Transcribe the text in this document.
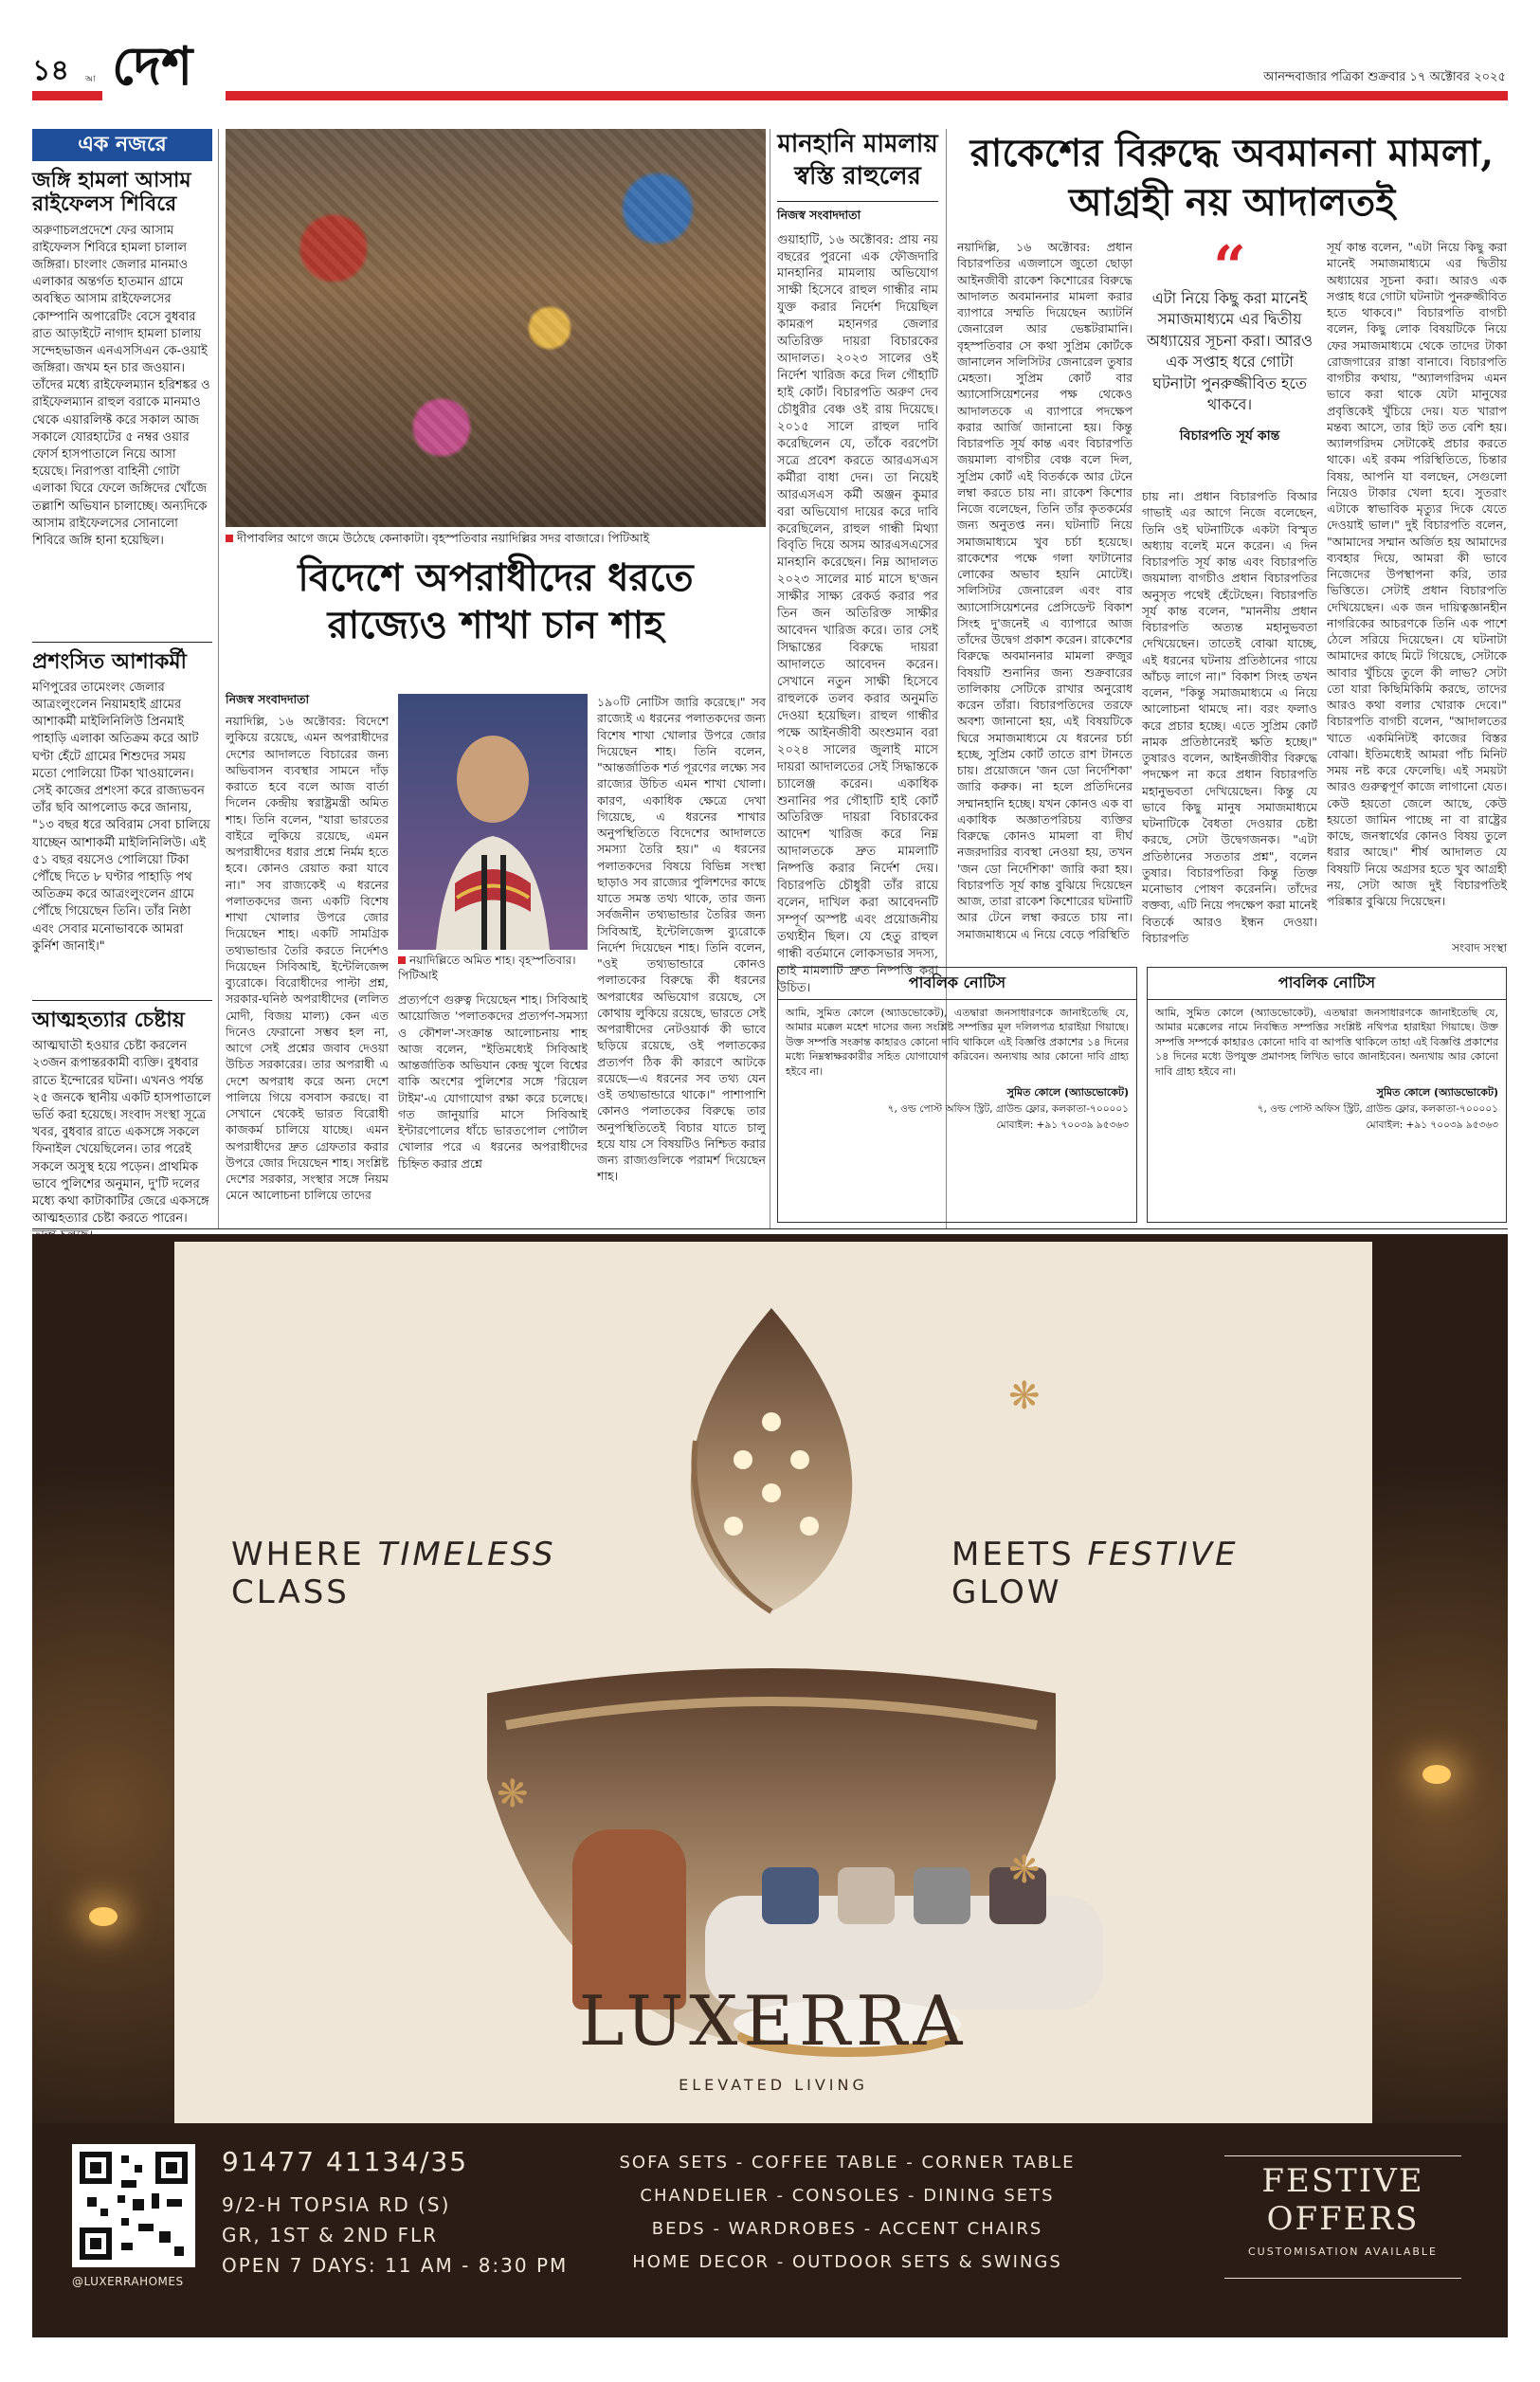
১৪ আ দেশ	আনন্দবাজার পত্রিকা শুক্রবার ১৭ অক্টোবর ২০২৫
এক নজরে
জঙ্গি হামলা আসাম রাইফেলস শিবিরে
অরুণাচলপ্রদেশে ফের আসাম রাইফেলস শিবিরে হামলা চালাল জঙ্গিরা। চাংলাং জেলার মানমাও এলাকার অন্তর্গত হাতমান গ্রামে অবস্থিত আসাম রাইফেলসের কোম্পানি অপারেটিং বেসে বুধবার রাত আড়াইটে নাগাদ হামলা চালায় সন্দেহভাজন এনএসসিএন কে-ওয়াই জঙ্গিরা। জখম হন চার জওয়ান। তাঁদের মধ্যে রাইফেলম্যান হরিশঙ্কর ও রাইফেলম্যান রাহুল বরাকে মানমাও থেকে এয়ারলিফ্ট করে সকাল আজ সকালে যোরহাটের ৫ নম্বর ওয়ার ফোর্স হাসপাতালে নিয়ে আসা হয়েছে। নিরাপত্তা বাহিনী গোটা এলাকা ঘিরে ফেলে জঙ্গিদের খোঁজে তল্লাশি অভিযান চালাচ্ছে। অন্যদিকে আসাম রাইফেলসের সোনালো শিবিরে জঙ্গি হানা হয়েছিল।
প্রশংসিত আশাকর্মী
মণিপুরের তামেংলং জেলার আত্ৰংলুংলেন নিয়ামহাই গ্রামের আশাকর্মী মাইলিনিলিউ প্রিনমাই পাহাড়ি এলাকা অতিক্রম করে আট ঘণ্টা হেঁটে গ্রামের শিশুদের সময় মতো পোলিয়ো টিকা খাওয়ালেন। সেই কাজের প্রশংসা করে রাজ্যভবন তাঁর ছবি আপলোড করে জানায়, "১৩ বছর ধরে অবিরাম সেবা চালিয়ে যাচ্ছেন আশাকর্মী মাইলিনিলিউ। এই ৫১ বছর বয়সেও পোলিয়ো টিকা পৌঁছে দিতে ৮ ঘণ্টার পাহাড়ি পথ অতিক্রম করে আত্ৰংলুংলেন গ্রামে পৌঁছে গিয়েছেন তিনি। তাঁর নিষ্ঠা এবং সেবার মনোভাবকে আমরা কুর্নিশ জানাই।"
আত্মহত্যার চেষ্টায়
আত্মঘাতী হওয়ার চেষ্টা করলেন ২৩জন রূপান্তরকামী ব্যক্তি। বুধবার রাতে ইন্দোরের ঘটনা। এখনও পর্যন্ত ২৫ জনকে স্থানীয় একটি হাসপাতালে ভর্তি করা হয়েছে। সংবাদ সংস্থা সূত্রে খবর, বুধবার রাতে একসঙ্গে সকলে ফিনাইল খেয়েছিলেন। তার পরেই সকলে অসুস্থ হয়ে পড়েন। প্রাথমিক ভাবে পুলিশের অনুমান, দু'টি দলের মধ্যে কথা কাটাকাটির জেরে একসঙ্গে আত্মহত্যার চেষ্টা করতে পারেন।
দীপাবলির আগে জমে উঠেছে কেনাকাটা। বৃহস্পতিবার নয়াদিল্লির সদর বাজারে। পিটিআই
মানহানি মামলায় স্বস্তি রাহুলের
নিজস্ব সংবাদদাতা
গুয়াহাটি, ১৬ অক্টোবর: প্রায় নয় বছরের পুরনো এক ফৌজদারি মানহানির মামলায় অভিযোগ সাক্ষী হিসেবে রাহুল গান্ধীর নাম যুক্ত করার নির্দেশ দিয়েছিল কামরূপ মহানগর জেলার অতিরিক্ত দায়রা বিচারকের আদালত। ২০২৩ সালের ওই নির্দেশ খারিজ করে দিল গৌহাটি হাই কোর্ট। বিচারপতি অরুণ দেব চৌধুরীর বেঞ্চ ওই রায় দিয়েছে। ২০১৫ সালে রাহুল দাবি করেছিলেন যে, তাঁকে বরপেটা সত্রে প্রবেশ করতে আরএসএস কর্মীরা বাধা দেন। তা নিয়েই আরএসএস কর্মী অঞ্জন কুমার বরা অভিযোগ দায়ের করে দাবি করেছিলেন, রাহুল গান্ধী মিথ্যা বিবৃতি দিয়ে অসম আরএসএসের মানহানি করেছেন। নিম্ন আদালত ২০২৩ সালের মার্চ মাসে ছ'জন সাক্ষীর সাক্ষ্য রেকর্ড করার পর তিন জন অতিরিক্ত সাক্ষীর আবেদন খারিজ করে। তার সেই সিদ্ধান্তের বিরুদ্ধে দায়রা আদালতে আবেদন করেন। সেখানে নতুন সাক্ষী হিসেবে রাহুলকে তলব করার অনুমতি দেওয়া হয়েছিল। রাহুল গান্ধীর পক্ষে আইনজীবী অংশুমান বরা ২০২৪ সালের জুলাই মাসে দায়রা আদালতের সেই সিদ্ধান্তকে চ্যালেঞ্জ করেন। একাধিক শুনানির পর গৌহাটি হাই কোর্ট অতিরিক্ত দায়রা বিচারকের আদেশ খারিজ করে নিম্ন আদালতকে দ্রুত মামলাটি নিষ্পত্তি করার নির্দেশ দেয়। বিচারপতি চৌধুরী তাঁর রায়ে বলেন, দাখিল করা আবেদনটি সম্পূর্ণ অস্পষ্ট এবং প্রয়োজনীয় তথ্যহীন ছিল। যে হেতু রাহুল গান্ধী বর্তমানে লোকসভার সদস্য, তাই মামলাটি দ্রুত নিষ্পত্তি করা উচিত।
রাকেশের বিরুদ্ধে অবমাননা মামলা, আগ্রহী নয় আদালতই
নয়াদিল্লি, ১৬ অক্টোবর: প্রধান বিচারপতির এজলাসে জুতো ছোড়া আইনজীবী রাকেশ কিশোরের বিরুদ্ধে আদালত অবমাননার মামলা করার ব্যাপারে সম্মতি দিয়েছেন অ্যাটর্নি জেনারেল আর ভেঙ্কটরামানি। বৃহস্পতিবার সে কথা সুপ্রিম কোর্টকে জানালেন সলিসিটর জেনারেল তুষার মেহতা। সুপ্রিম কোর্ট বার অ্যাসোসিয়েশনের পক্ষ থেকেও আদালতকে এ ব্যাপারে পদক্ষেপ করার আর্জি জানানো হয়। কিন্তু বিচারপতি সূর্য কান্ত এবং বিচারপতি জয়মাল্য বাগচীর বেঞ্চ বলে দিল, সুপ্রিম কোর্ট এই বিতর্ককে আর টেনে লম্বা করতে চায় না। রাকেশ কিশোর নিজে বলেছেন, তিনি তাঁর কৃতকর্মের জন্য অনুতপ্ত নন। ঘটনাটি নিয়ে সমাজমাধ্যমে খুব চর্চা হয়েছে। রাকেশের পক্ষে গলা ফাটানোর লোকের অভাব হয়নি মোটেই। সলিসিটর জেনারেল এবং বার অ্যাসোসিয়েশনের প্রেসিডেন্ট বিকাশ সিংহ দু'জনেই এ ব্যাপারে আজ তাঁদের উদ্বেগ প্রকাশ করেন। রাকেশের বিরুদ্ধে অবমাননার মামলা রুজুর বিষয়টি শুনানির জন্য শুক্রবারের তালিকায় সেটিকে রাখার অনুরোধ করেন তাঁরা। বিচারপতিদের তরফে অবশ্য জানানো হয়, এই বিষয়টিকে ঘিরে সমাজমাধ্যমে যে ধরনের চর্চা হচ্ছে, সুপ্রিম কোর্ট তাতে রাশ টানতে চায়। প্রয়োজনে 'জন ডো নির্দেশিকা' জারি করুক। না হলে প্রতিদিনের সম্মানহানি হচ্ছে। যখন কোনও এক বা একাধিক অজ্ঞাতপরিচয় ব্যক্তির বিরুদ্ধে কোনও মামলা বা দীর্ঘ নজরদারির ব্যবস্থা নেওয়া হয়, তখন 'জন ডো নির্দেশিকা' জারি করা হয়। বিচারপতি সূর্য কান্ত বুঝিয়ে দিয়েছেন আজ, তারা রাকেশ কিশোরের ঘটনাটি আর টেনে লম্বা করতে চায় না। সমাজমাধ্যমে এ নিয়ে বেড়ে পরিস্থিতি
“
এটা নিয়ে কিছু করা মানেই সমাজমাধ্যমে এর দ্বিতীয় অধ্যায়ের সূচনা করা। আরও এক সপ্তাহ ধরে গোটা ঘটনাটা পুনরুজ্জীবিত হতে থাকবে।
বিচারপতি সূর্য কান্ত
চায় না। প্রধান বিচারপতি বিআর গাভাই এর আগে নিজে বলেছেন, তিনি ওই ঘটনাটিকে একটা বিস্মৃত অধ্যায় বলেই মনে করেন। এ দিন বিচারপতি সূর্য কান্ত এবং বিচারপতি জয়মাল্য বাগচীও প্রধান বিচারপতির অনুসৃত পথেই হেঁটেছেন। বিচারপতি সূর্য কান্ত বলেন, "মাননীয় প্রধান বিচারপতি অত্যন্ত মহানুভবতা দেখিয়েছেন। তাতেই বোঝা যাচ্ছে, এই ধরনের ঘটনায় প্রতিষ্ঠানের গায়ে আঁচড় লাগে না।" বিকাশ সিংহ তখন বলেন, "কিন্তু সমাজমাধ্যমে এ নিয়ে আলোচনা থামছে না। বরং ফলাও করে প্রচার হচ্ছে। এতে সুপ্রিম কোর্ট নামক প্রতিষ্ঠানেরই ক্ষতি হচ্ছে।" তুষারও বলেন, আইনজীবীর বিরুদ্ধে পদক্ষেপ না করে প্রধান বিচারপতি মহানুভবতা দেখিয়েছেন। কিন্তু যে ভাবে কিছু মানুষ সমাজমাধ্যমে ঘটনাটিকে বৈধতা দেওয়ার চেষ্টা করছে, সেটা উদ্বেগজনক। "এটা প্রতিষ্ঠানের সততার প্রশ্ন", বলেন তুষার। বিচারপতিরা কিন্তু তিক্ত মনোভাব পোষণ করেননি। তাঁদের বক্তব্য, এটি নিয়ে পদক্ষেপ করা মানেই বিতর্কে আরও ইন্ধন দেওয়া। বিচারপতি
সূর্য কান্ত বলেন, "এটা নিয়ে কিছু করা মানেই সমাজমাধ্যমে এর দ্বিতীয় অধ্যায়ের সূচনা করা। আরও এক সপ্তাহ ধরে গোটা ঘটনাটা পুনরুজ্জীবিত হতে থাকবে।" বিচারপতি বাগচী বলেন, কিছু লোক বিষয়টিকে নিয়ে ফের সমাজমাধ্যমে থেকে তাদের টাকা রোজগারের রাস্তা বানাবে। বিচারপতি বাগচীর কথায়, "অ্যালগরিদম এমন ভাবে করা থাকে যেটা মানুষের প্রবৃত্তিকেই খুঁচিয়ে দেয়। যত খারাপ মন্তব্য আসে, তার হিট তত বেশি হয়। অ্যালগরিদম সেটাকেই প্রচার করতে থাকে। এই রকম পরিস্থিতিতে, চিন্তার বিষয়, আপনি যা বলছেন, সেগুলো নিয়েও টাকার খেলা হবে। সুতরাং এটাকে স্বাভাবিক মৃত্যুর দিকে যেতে দেওয়াই ভাল।" দুই বিচারপতি বলেন, "আমাদের সম্মান অর্জিত হয় আমাদের ব্যবহার দিয়ে, আমরা কী ভাবে নিজেদের উপস্থাপনা করি, তার ভিত্তিতে। সেটাই প্রধান বিচারপতি দেখিয়েছেন। এক জন দায়িত্বজ্ঞানহীন নাগরিকের আচরণকে তিনি এক পাশে ঠেলে সরিয়ে দিয়েছেন। যে ঘটনাটা আমাদের কাছে মিটে গিয়েছে, সেটাকে আবার খুঁচিয়ে তুলে কী লাভ? সেটা তো যারা কিছিমিকিমি করছে, তাদের আরও কথা বলার খোরাক দেবে।" বিচারপতি বাগচী বলেন, "আদালতের খাতে একমিনিটই কাজের বিস্তর বোঝা। ইতিমধ্যেই আমরা পাঁচ মিনিট সময় নষ্ট করে ফেলেছি। এই সময়টা আরও গুরুত্বপূর্ণ কাজে লাগানো যেত। কেউ হয়তো জেলে আছে, কেউ হয়তো জামিন পাচ্ছে না বা রাষ্ট্রের কাছে, জনস্বার্থের কোনও বিষয় তুলে ধরার আছে।" শীর্ষ আদালত যে বিষয়টি নিয়ে অগ্রসর হতে খুব আগ্রহী নয়, সেটা আজ দুই বিচারপতিই পরিষ্কার বুঝিয়ে দিয়েছেন।
সংবাদ সংস্থা
পাবলিক নোটিস
আমি, সুমিত কোলে (অ্যাডভোকেট), এতদ্বারা জনসাধারণকে জানাইতেছি যে, আমার মক্কেল মহেশ দাসের জন্য সংশ্লিষ্ট সম্পত্তির মূল দলিলপত্র হারাইয়া গিয়াছে। উক্ত সম্পত্তি সংক্রান্ত কাহারও কোনো দাবি থাকিলে এই বিজ্ঞপ্তি প্রকাশের ১৪ দিনের মধ্যে নিম্নস্বাক্ষরকারীর সহিত যোগাযোগ করিবেন। অন্যথায় আর কোনো দাবি গ্রাহ্য হইবে না।
সুমিত কোলে (অ্যাডভোকেট)
৭, ওল্ড পোস্ট অফিস স্ট্রিট, গ্রাউন্ড ফ্লোর, কলকাতা-৭০০০০১
মোবাইল: +৯১ ৭০০৩৯ ৯৫৩৬৩
পাবলিক নোটিস
আমি, সুমিত কোলে (অ্যাডভোকেট), এতদ্বারা জনসাধারণকে জানাইতেছি যে, আমার মক্কেলের নামে নিবন্ধিত সম্পত্তির সংশ্লিষ্ট নথিপত্র হারাইয়া গিয়াছে। উক্ত সম্পত্তি সম্পর্কে কাহারও কোনো দাবি বা আপত্তি থাকিলে তাহা এই বিজ্ঞপ্তি প্রকাশের ১৪ দিনের মধ্যে উপযুক্ত প্রমাণসহ লিখিত ভাবে জানাইবেন। অন্যথায় আর কোনো দাবি গ্রাহ্য হইবে না।
সুমিত কোলে (অ্যাডভোকেট)
৭, ওল্ড পোস্ট অফিস স্ট্রিট, গ্রাউন্ড ফ্লোর, কলকাতা-৭০০০০১
মোবাইল: +৯১ ৭০০৩৯ ৯৫৩৬৩
বিদেশে অপরাধীদের ধরতে
রাজ্যেও শাখা চান শাহ
নিজস্ব সংবাদদাতা
নয়াদিল্লি, ১৬ অক্টোবর: বিদেশে লুকিয়ে রয়েছে, এমন অপরাধীদের দেশের আদালতে বিচারের জন্য অভিবাসন ব্যবস্থার সামনে দাঁড় করাতে হবে বলে আজ বার্তা দিলেন কেন্দ্রীয় স্বরাষ্ট্রমন্ত্রী অমিত শাহ। তিনি বলেন, "যারা ভারতের বাইরে লুকিয়ে রয়েছে, এমন অপরাধীদের ধরার প্রশ্নে নির্মম হতে হবে। কোনও রেয়াত করা যাবে না।" সব রাজ্যকেই এ ধরনের পলাতকদের জন্য একটি বিশেষ শাখা খোলার উপরে জোর দিয়েছেন শাহ। একটি সামগ্রিক তথ্যভান্ডার তৈরি করতে নির্দেশও দিয়েছেন সিবিআই, ইন্টেলিজেন্স ব্যুরোকে। বিরোধীদের পাল্টা প্রশ্ন, সরকার-ঘনিষ্ঠ অপরাধীদের (ললিত মোদী, বিজয় মাল্য) কেন এত দিনেও ফেরানো সম্ভব হল না, আগে সেই প্রশ্নের জবাব দেওয়া উচিত সরকারের। তার অপরাধী এ দেশে অপরাধ করে অন্য দেশে পালিয়ে গিয়ে বসবাস করছে। বা সেখানে থেকেই ভারত বিরোধী কাজকর্ম চালিয়ে যাচ্ছে। এমন অপরাধীদের দ্রুত গ্রেফতার করার উপরে জোর দিয়েছেন শাহ। সংশ্লিষ্ট দেশের সরকার, সংস্থার সঙ্গে নিয়ম মেনে আলোচনা চালিয়ে তাদের
নয়াদিল্লিতে অমিত শাহ। বৃহস্পতিবার। পিটিআই
প্রত্যর্পণে গুরুত্ব দিয়েছেন শাহ। সিবিআই আয়োজিত 'পলাতকদের প্রত্যর্পণ-সমস্যা ও কৌশল'-সংক্রান্ত আলোচনায় শাহ আজ বলেন, "ইতিমধ্যেই সিবিআই আন্তর্জাতিক অভিযান কেন্দ্র খুলে বিশ্বের বাকি অংশের পুলিশের সঙ্গে 'রিয়েল টাইম'-এ যোগাযোগ রক্ষা করে চলেছে। গত জানুয়ারি মাসে সিবিআই ইন্টারপোলের ধাঁচে ভারতপোল পোর্টাল খোলার পরে এ ধরনের অপরাধীদের চিহ্নিত করার প্রশ্নে
১৯০টি নোটিস জারি করেছে।" সব রাজ্যেই এ ধরনের পলাতকদের জন্য বিশেষ শাখা খোলার উপরে জোর দিয়েছেন শাহ। তিনি বলেন, "আন্তর্জাতিক শর্ত পূরণের লক্ষ্যে সব রাজ্যের উচিত এমন শাখা খোলা। কারণ, একাধিক ক্ষেত্রে দেখা গিয়েছে, এ ধরনের শাখার অনুপস্থিতিতে বিদেশের আদালতে সমস্যা তৈরি হয়।" এ ধরনের পলাতকদের বিষয়ে বিভিন্ন সংস্থা ছাড়াও সব রাজ্যের পুলিশদের কাছে যাতে সমস্ত তথ্য থাকে, তার জন্য সর্বজনীন তথ্যভান্ডার তৈরির জন্য সিবিআই, ইন্টেলিজেন্স ব্যুরোকে নির্দেশ দিয়েছেন শাহ। তিনি বলেন, "ওই তথ্যভান্ডারে কোনও পলাতকের বিরুদ্ধে কী ধরনের অপরাধের অভিযোগ রয়েছে, সে কোথায় লুকিয়ে রয়েছে, ভারতে সেই অপরাধীদের নেটওয়ার্ক কী ভাবে ছড়িয়ে রয়েছে, ওই পলাতকের প্রত্যর্পণ ঠিক কী কারণে আটকে রয়েছে—এ ধরনের সব তথ্য যেন ওই তথ্যভান্ডারে থাকে।" পাশাপাশি কোনও পলাতকের বিরুদ্ধে তার অনুপস্থিতিতেই বিচার যাতে চালু হয়ে যায় সে বিষয়টিও নিশ্চিত করার জন্য রাজ্যগুলিকে পরামর্শ দিয়েছেন শাহ।
❋
❋
❋
WHERE TIMELESS CLASS
MEETS FESTIVE GLOW
LUXERRA
ELEVATED LIVING
@LUXERRAHOMES
91477 41134/35
9/2-H TOPSIA RD (S)
GR, 1ST & 2ND FLR
OPEN 7 DAYS: 11 AM - 8:30 PM
SOFA SETS - COFFEE TABLE - CORNER TABLE
CHANDELIER - CONSOLES - DINING SETS
BEDS - WARDROBES - ACCENT CHAIRS
HOME DECOR - OUTDOOR SETS & SWINGS
FESTIVE
OFFERS
CUSTOMISATION AVAILABLE
